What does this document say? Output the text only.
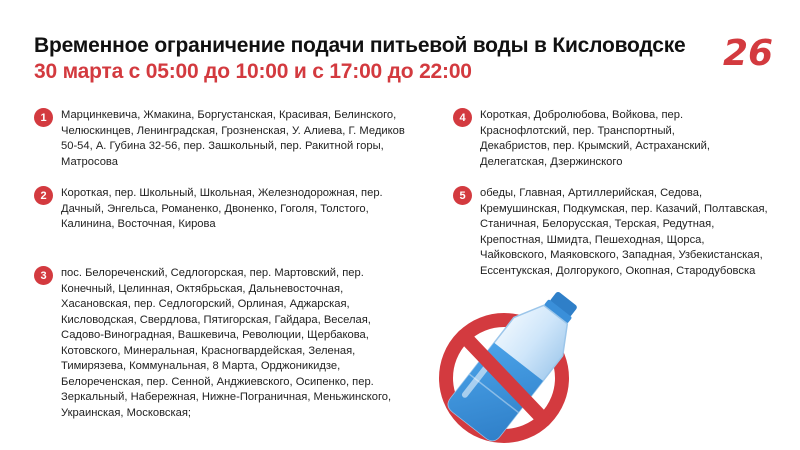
Временное ограничение подачи питьевой воды в Кисловодске
30 марта с 05:00 до 10:00 и с 17:00 до 22:00	26
1	Марцинкевича, Жмакина, Боргустанская, Красивая, Белинского, Челюскинцев, Ленинградская, Грозненская, У. Алиева, Г. Медиков 50-54, А. Губина 32-56, пер. Зашкольный, пер. Ракитной горы, Матросова
2	Короткая, пер. Школьный, Школьная, Железнодорожная, пер. Дачный, Энгельса, Романенко, Двоненко, Гоголя, Толстого, Калинина, Восточная, Кирова
3	пос. Белореченский, Седлогорская, пер. Мартовский, пер. Конечный, Целинная, Октябрьская, Дальневосточная, Хасановская, пер. Седлогорский, Орлиная, Аджарская, Кисловодская, Свердлова, Пятигорская, Гайдара, Веселая, Садово-Виноградная, Вашкевича, Революции, Щербакова, Котовского, Минеральная, Красногвардейская, Зеленая, Тимирязева, Коммунальная, 8 Марта, Орджоникидзе, Белореченская, пер. Сенной, Анджиевского, Осипенко, пер. Зеркальный, Набережная, Нижне-Пограничная, Меньжинского, Украинская, Московская;
4	Короткая, Добролюбова, Войкова, пер. Краснофлотский, пер. Транспортный, Декабристов, пер. Крымский, Астраханский, Делегатская, Дзержинского
5	обеды, Главная, Артиллерийская, Седова, Кремушинская, Подкумская, пер. Казачий, Полтавская, Станичная, Белорусская, Терская, Редутная, Крепостная, Шмидта, Пешеходная, Щорса, Чайковского, Маяковского, Западная, Узбекистанская, Ессентукская, Долгорукого, Окопная, Стародубовска
